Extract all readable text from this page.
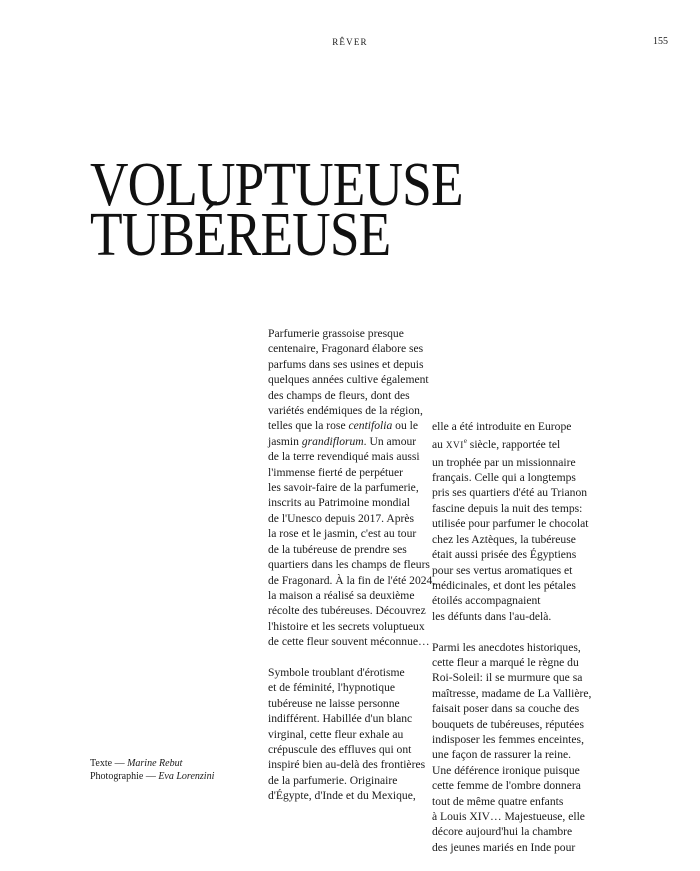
RÊVER	155
VOLUPTUEUSE
TUBÉREUSE

Parfumerie grassoise presque
centenaire, Fragonard élabore ses
parfums dans ses usines et depuis
quelques années cultive également
des champs de fleurs, dont des
variétés endémiques de la région,
telles que la rose centifolia ou le
jasmin grandiflorum. Un amour
de la terre revendiqué mais aussi
l'immense fierté de perpétuer
les savoir-faire de la parfumerie,
inscrits au Patrimoine mondial
de l'Unesco depuis 2017. Après
la rose et le jasmin, c'est au tour
de la tubéreuse de prendre ses
quartiers dans les champs de fleurs
de Fragonard. À la fin de l'été 2024,
la maison a réalisé sa deuxième
récolte des tubéreuses. Découvrez
l'histoire et les secrets voluptueux
de cette fleur souvent méconnue…

Symbole troublant d'érotisme
et de féminité, l'hypnotique
tubéreuse ne laisse personne
indifférent. Habillée d'un blanc
virginal, cette fleur exhale au
crépuscule des effluves qui ont
inspiré bien au-delà des frontières
de la parfumerie. Originaire
d'Égypte, d'Inde et du Mexique,

elle a été introduite en Europe
au XVIe siècle, rapportée tel
un trophée par un missionnaire
français. Celle qui a longtemps
pris ses quartiers d'été au Trianon
fascine depuis la nuit des temps:
utilisée pour parfumer le chocolat
chez les Aztèques, la tubéreuse
était aussi prisée des Égyptiens
pour ses vertus aromatiques et
médicinales, et dont les pétales
étoilés accompagnaient
les défunts dans l'au-delà.

Parmi les anecdotes historiques,
cette fleur a marqué le règne du
Roi-Soleil: il se murmure que sa
maîtresse, madame de La Vallière,
faisait poser dans sa couche des
bouquets de tubéreuses, réputées
indisposer les femmes enceintes,
une façon de rassurer la reine.
Une déférence ironique puisque
cette femme de l'ombre donnera
tout de même quatre enfants
à Louis XIV… Majestueuse, elle
décore aujourd'hui la chambre
des jeunes mariés en Inde pour

Texte — Marine Rebut
Photographie — Eva Lorenzini
